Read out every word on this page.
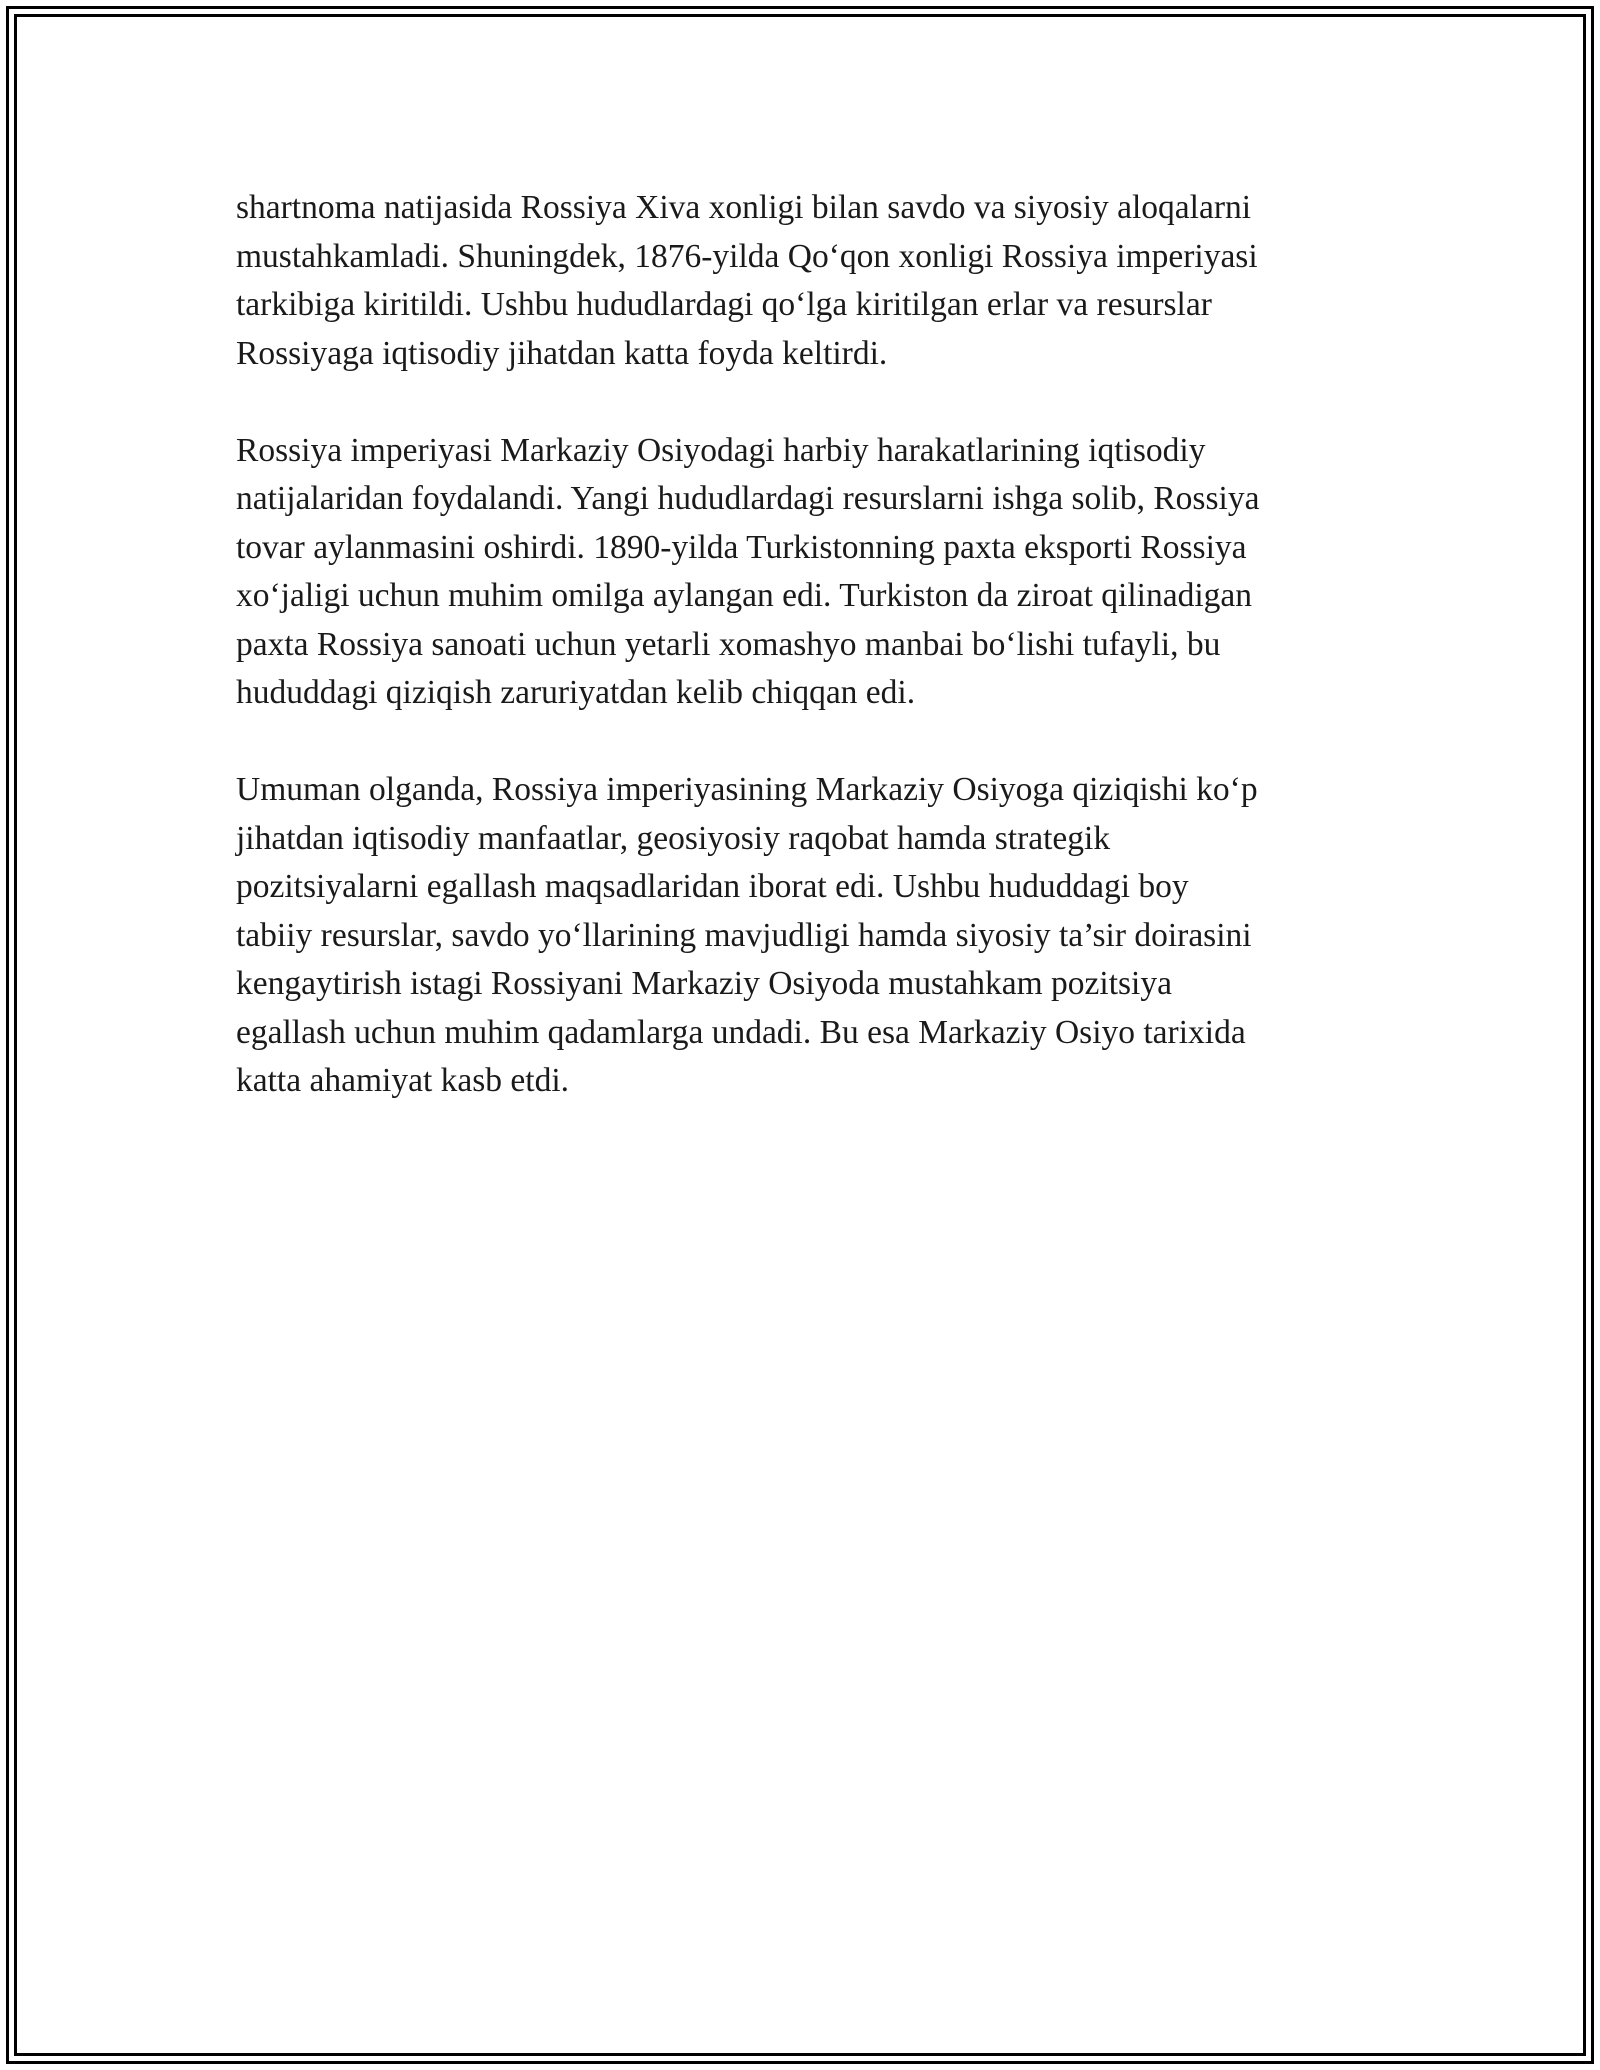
shartnoma natijasida Rossiya Xiva xonligi bilan savdo va siyosiy aloqalarni
mustahkamladi. Shuningdek, 1876-yilda Qo‘qon xonligi Rossiya imperiyasi
tarkibiga kiritildi. Ushbu hududlardagi qo‘lga kiritilgan erlar va resurslar
Rossiyaga iqtisodiy jihatdan katta foyda keltirdi.

Rossiya imperiyasi Markaziy Osiyodagi harbiy harakatlarining iqtisodiy
natijalaridan foydalandi. Yangi hududlardagi resurslarni ishga solib, Rossiya
tovar aylanmasini oshirdi. 1890-yilda Turkistonning paxta eksporti Rossiya
xo‘jaligi uchun muhim omilga aylangan edi. Turkiston da ziroat qilinadigan
paxta Rossiya sanoati uchun yetarli xomashyo manbai bo‘lishi tufayli, bu
hududdagi qiziqish zaruriyatdan kelib chiqqan edi.

Umuman olganda, Rossiya imperiyasining Markaziy Osiyoga qiziqishi ko‘p
jihatdan iqtisodiy manfaatlar, geosiyosiy raqobat hamda strategik
pozitsiyalarni egallash maqsadlaridan iborat edi. Ushbu hududdagi boy
tabiiy resurslar, savdo yo‘llarining mavjudligi hamda siyosiy ta’sir doirasini
kengaytirish istagi Rossiyani Markaziy Osiyoda mustahkam pozitsiya
egallash uchun muhim qadamlarga undadi. Bu esa Markaziy Osiyo tarixida
katta ahamiyat kasb etdi.
